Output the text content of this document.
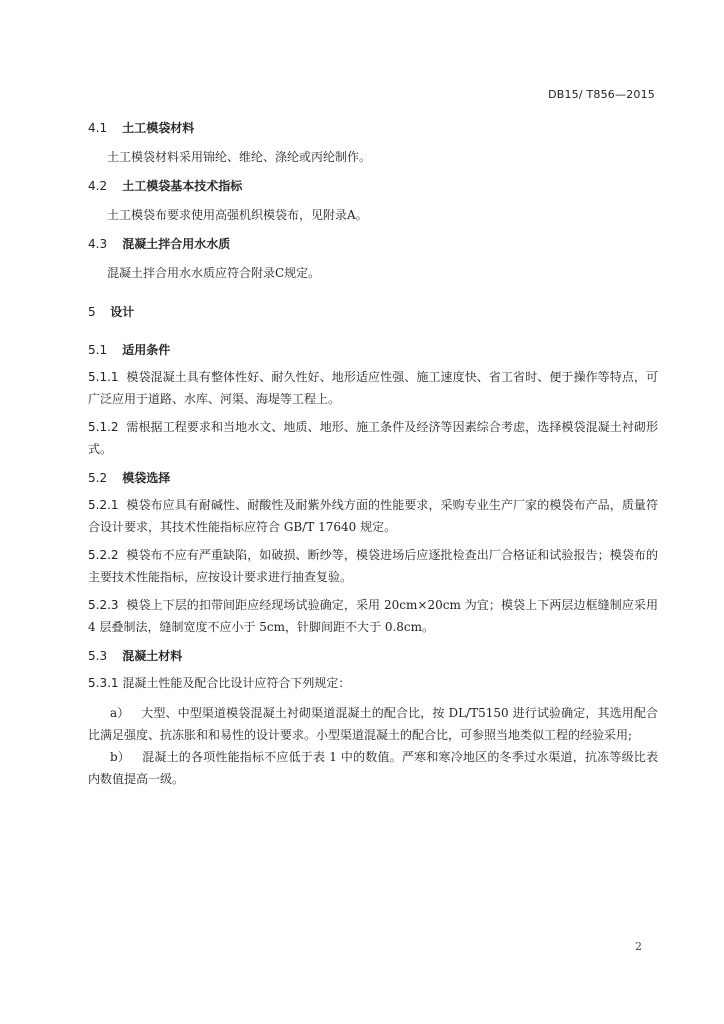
DB15/ T856—2015

4.1 土工模袋材料

土工模袋材料采用锦纶、维纶、涤纶或丙纶制作。

4.2 土工模袋基本技术指标

土工模袋布要求使用高强机织模袋布，见附录A。

4.3 混凝土拌合用水水质

混凝土拌合用水水质应符合附录C规定。

5 设计

5.1 适用条件

5.1.1 模袋混凝土具有整体性好、耐久性好、地形适应性强、施工速度快、省工省时、便于操作等特点，可广泛应用于道路、水库、河渠、海堤等工程上。

5.1.2 需根据工程要求和当地水文、地质、地形、施工条件及经济等因素综合考虑，选择模袋混凝土衬砌形式。

5.2 模袋选择

5.2.1 模袋布应具有耐碱性、耐酸性及耐紫外线方面的性能要求，采购专业生产厂家的模袋布产品，质量符合设计要求，其技术性能指标应符合 GB/T 17640 规定。

5.2.2 模袋布不应有严重缺陷，如破损、断纱等，模袋进场后应逐批检查出厂合格证和试验报告；模袋布的主要技术性能指标，应按设计要求进行抽查复验。

5.2.3 模袋上下层的扣带间距应经现场试验确定，采用 20cm×20cm 为宜；模袋上下两层边框缝制应采用 4 层叠制法，缝制宽度不应小于 5cm，针脚间距不大于 0.8cm。

5.3 混凝土材料

5.3.1 混凝土性能及配合比设计应符合下列规定：

a） 大型、中型渠道模袋混凝土衬砌渠道混凝土的配合比，按 DL/T5150 进行试验确定，其选用配合比满足强度、抗冻胀和和易性的设计要求。小型渠道混凝土的配合比，可参照当地类似工程的经验采用;

b） 混凝土的各项性能指标不应低于表 1 中的数值。严寒和寒冷地区的冬季过水渠道，抗冻等级比表内数值提高一级。

2
